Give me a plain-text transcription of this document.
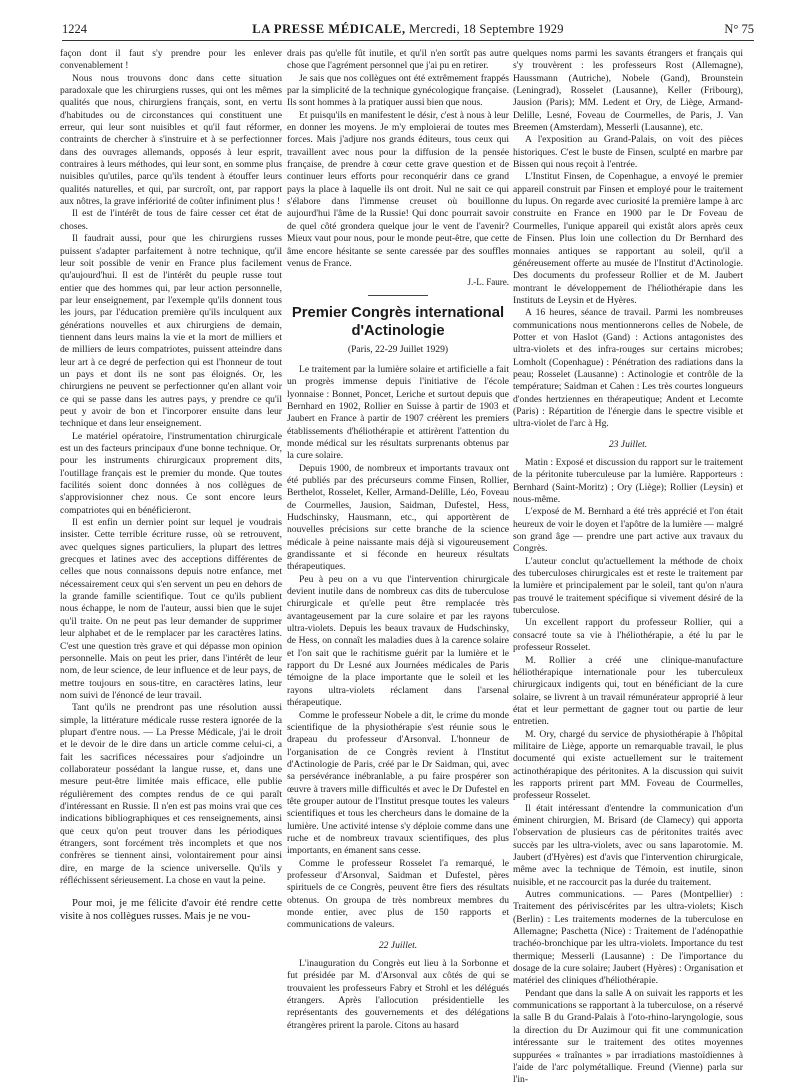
1224	LA PRESSE MÉDICALE, Mercredi, 18 Septembre 1929	N° 75

façon dont il faut s'y prendre pour les enlever convenablement !

Nous nous trouvons donc dans cette situation paradoxale que les chirurgiens russes, qui ont les mêmes qualités que nous, chirurgiens français, sont, en vertu d'habitudes ou de circonstances qui constituent une erreur, qui leur sont nuisibles et qu'il faut réformer, contraints de chercher à s'instruire et à se perfectionner dans des ouvrages allemands, opposés à leur esprit, contraires à leurs méthodes, qui leur sont, en somme plus nuisibles qu'utiles, parce qu'ils tendent à étouffer leurs qualités naturelles, et qui, par surcroît, ont, par rapport aux nôtres, la grave infériorité de coûter infiniment plus !

Il est de l'intérêt de tous de faire cesser cet état de choses.

Il faudrait aussi, pour que les chirurgiens russes puissent s'adapter parfaitement à notre technique, qu'il leur soit possible de venir en France plus facilement qu'aujourd'hui. Il est de l'intérêt du peuple russe tout entier que des hommes qui, par leur action personnelle, par leur enseignement, par l'exemple qu'ils donnent tous les jours, par l'éducation première qu'ils inculquent aux générations nouvelles et aux chirurgiens de demain, tiennent dans leurs mains la vie et la mort de milliers et de milliers de leurs compatriotes, puissent atteindre dans leur art à ce degré de perfection qui est l'honneur de tout un pays et dont ils ne sont pas éloignés. Or, les chirurgiens ne peuvent se perfectionner qu'en allant voir ce qui se passe dans les autres pays, y prendre ce qu'il peut y avoir de bon et l'incorporer ensuite dans leur technique et dans leur enseignement.

Le matériel opératoire, l'instrumentation chirurgicale est un des facteurs principaux d'une bonne technique. Or, pour les instruments chirurgicaux proprement dits, l'outillage français est le premier du monde. Que toutes facilités soient donc données à nos collègues de s'approvisionner chez nous. Ce sont encore leurs compatriotes qui en bénéficieront.

Il est enfin un dernier point sur lequel je voudrais insister. Cette terrible écriture russe, où se retrouvent, avec quelques signes particuliers, la plupart des lettres grecques et latines avec des acceptions différentes de celles que nous connaissons depuis notre enfance, met nécessairement ceux qui s'en servent un peu en dehors de la grande famille scientifique. Tout ce qu'ils publient nous échappe, le nom de l'auteur, aussi bien que le sujet qu'il traite. On ne peut pas leur demander de supprimer leur alphabet et de le remplacer par les caractères latins. C'est une question très grave et qui dépasse mon opinion personnelle. Mais on peut les prier, dans l'intérêt de leur nom, de leur science, de leur influence et de leur pays, de mettre toujours en sous-titre, en caractères latins, leur nom suivi de l'énoncé de leur travail.

Tant qu'ils ne prendront pas une résolution aussi simple, la littérature médicale russe restera ignorée de la plupart d'entre nous. — La Presse Médicale, j'ai le droit et le devoir de le dire dans un article comme celui-ci, a fait les sacrifices nécessaires pour s'adjoindre un collaborateur possédant la langue russe, et, dans une mesure peut-être limitée mais efficace, elle publie régulièrement des comptes rendus de ce qui paraît d'intéressant en Russie. Il n'en est pas moins vrai que ces indications bibliographiques et ces renseignements, ainsi que ceux qu'on peut trouver dans les périodiques étrangers, sont forcément très incomplets et que nos confrères se tiennent ainsi, volontairement pour ainsi dire, en marge de la science universelle. Qu'ils y réfléchissent sérieusement. La chose en vaut la peine.

Pour moi, je me félicite d'avoir été rendre cette visite à nos collègues russes. Mais je ne vou-

drais pas qu'elle fût inutile, et qu'il n'en sortît pas autre chose que l'agrément personnel que j'ai pu en retirer.

Je sais que nos collègues ont été extrêmement frappés par la simplicité de la technique gynécologique française. Ils sont hommes à la pratiquer aussi bien que nous.

Et puisqu'ils en manifestent le désir, c'est à nous à leur en donner les moyens. Je m'y emploierai de toutes mes forces. Mais j'adjure nos grands éditeurs, tous ceux qui travaillent avec nous pour la diffusion de la pensée française, de prendre à cœur cette grave question et de continuer leurs efforts pour reconquérir dans ce grand pays la place à laquelle ils ont droit. Nul ne sait ce qui s'élabore dans l'immense creuset où bouillonne aujourd'hui l'âme de la Russie! Qui donc pourrait savoir de quel côté grondera quelque jour le vent de l'avenir? Mieux vaut pour nous, pour le monde peut-être, que cette âme encore hésitante se sente caressée par des souffles venus de France.

J.-L. Faure.
Premier Congrès international d'Actinologie
(Paris, 22-29 Juillet 1929)

Le traitement par la lumière solaire et artificielle a fait un progrès immense depuis l'initiative de l'école lyonnaise : Bonnet, Poncet, Leriche et surtout depuis que Bernhard en 1902, Rollier en Suisse à partir de 1903 et Jaubert en France à partir de 1907 créèrent les premiers établissements d'héliothérapie et attirèrent l'attention du monde médical sur les résultats surprenants obtenus par la cure solaire.

Depuis 1900, de nombreux et importants travaux ont été publiés par des précurseurs comme Finsen, Rollier, Berthelot, Rosselet, Keller, Armand-Delille, Léo, Foveau de Courmelles, Jausion, Saidman, Dufestel, Hess, Hudschinsky, Hausmann, etc., qui apportèrent de nouvelles précisions sur cette branche de la science médicale à peine naissante mais déjà si vigoureusement grandissante et si féconde en heureux résultats thérapeutiques.

Peu à peu on a vu que l'intervention chirurgicale devient inutile dans de nombreux cas dits de tuberculose chirurgicale et qu'elle peut être remplacée très avantageusement par la cure solaire et par les rayons ultra-violets. Depuis les beaux travaux de Hudschinsky, de Hess, on connaît les maladies dues à la carence solaire et l'on sait que le rachitisme guérit par la lumière et le rapport du Dr Lesné aux Journées médicales de Paris témoigne de la place importante que le soleil et les rayons ultra-violets réclament dans l'arsenal thérapeutique.

Comme le professeur Nobele a dit, le crime du monde scientifique de la physiothérapie s'est réunie sous le drapeau du professeur d'Arsonval. L'honneur de l'organisation de ce Congrès revient à l'Institut d'Actinologie de Paris, créé par le Dr Saidman, qui, avec sa persévérance inébranlable, a pu faire prospérer son œuvre à travers mille difficultés et avec le Dr Dufestel en tête grouper autour de l'Institut presque toutes les valeurs scientifiques et tous les chercheurs dans le domaine de la lumière. Une activité intense s'y déploie comme dans une ruche et de nombreux travaux scientifiques, des plus importants, en émanent sans cesse.

Comme le professeur Rosselet l'a remarqué, le professeur d'Arsonval, Saidman et Dufestel, pères spirituels de ce Congrès, peuvent être fiers des résultats obtenus. On groupa de très nombreux membres du monde entier, avec plus de 150 rapports et communications de valeurs.

22 Juillet.

L'inauguration du Congrès eut lieu à la Sorbonne et fut présidée par M. d'Arsonval aux côtés de qui se trouvaient les professeurs Fabry et Strohl et les délégués étrangers. Après l'allocution présidentielle les représentants des gouvernements et des délégations étrangères prirent la parole. Citons au hasard

quelques noms parmi les savants étrangers et français qui s'y trouvèrent : les professeurs Rost (Allemagne), Haussmann (Autriche), Nobele (Gand), Brounstein (Leningrad), Rosselet (Lausanne), Keller (Fribourg), Jausion (Paris); MM. Ledent et Ory, de Liège, Armand-Delille, Lesné, Foveau de Courmelles, de Paris, J. Van Breemen (Amsterdam), Messerli (Lausanne), etc.

A l'exposition au Grand-Palais, on voit des pièces historiques. C'est le buste de Finsen, sculpté en marbre par Bissen qui nous reçoit à l'entrée.

L'Institut Finsen, de Copenhague, a envoyé le premier appareil construit par Finsen et employé pour le traitement du lupus. On regarde avec curiosité la première lampe à arc construite en France en 1900 par le Dr Foveau de Courmelles, l'unique appareil qui existât alors après ceux de Finsen. Plus loin une collection du Dr Bernhard des monnaies antiques se rapportant au soleil, qu'il a généreusement offerte au musée de l'Institut d'Actinologie. Des documents du professeur Rollier et de M. Jaubert montrant le développement de l'héliothérapie dans les Instituts de Leysin et de Hyères.

A 16 heures, séance de travail. Parmi les nombreuses communications nous mentionnerons celles de Nobele, de Potter et von Haslot (Gand) : Actions antagonistes des ultra-violets et des infra-rouges sur certains microbes; Lomholt (Copenhague) : Pénétration des radiations dans la peau; Rosselet (Lausanne) : Actinologie et contrôle de la température; Saidman et Cahen : Les très courtes longueurs d'ondes hertziennes en thérapeutique; Andent et Lecomte (Paris) : Répartition de l'énergie dans le spectre visible et ultra-violet de l'arc à Hg.

23 Juillet.

Matin : Exposé et discussion du rapport sur le traitement de la péritonite tuberculeuse par la lumière. Rapporteurs : Bernhard (Saint-Moritz) ; Ory (Liège); Rollier (Leysin) et nous-même.

L'exposé de M. Bernhard a été très apprécié et l'on était heureux de voir le doyen et l'apôtre de la lumière — malgré son grand âge — prendre une part active aux travaux du Congrès.

L'auteur conclut qu'actuellement la méthode de choix des tuberculoses chirurgicales est et reste le traitement par la lumière et principalement par le soleil, tant qu'on n'aura pas trouvé le traitement spécifique si vivement désiré de la tuberculose.

Un excellent rapport du professeur Rollier, qui a consacré toute sa vie à l'héliothérapie, a été lu par le professeur Rosselet.

M. Rollier a créé une clinique-manufacture héliothérapique internationale pour les tuberculeux chirurgicaux indigents qui, tout en bénéficiant de la cure solaire, se livrent à un travail rémunérateur approprié à leur état et leur permettant de gagner tout ou partie de leur entretien.

M. Ory, chargé du service de physiothérapie à l'hôpital militaire de Liège, apporte un remarquable travail, le plus documenté qui existe actuellement sur le traitement actinothérapique des péritonites. A la discussion qui suivit les rapports prirent part MM. Foveau de Courmelles, professeur Rosselet.

Il était intéressant d'entendre la communication d'un éminent chirurgien, M. Brisard (de Clamecy) qui apporta l'observation de plusieurs cas de péritonites traités avec succès par les ultra-violets, avec ou sans laparotomie. M. Jaubert (d'Hyères) est d'avis que l'intervention chirurgicale, même avec la technique de Témoin, est inutile, sinon nuisible, et ne raccourcit pas la durée du traitement.

Autres communications. — Pares (Montpellier) : Traitement des périviscérites par les ultra-violets; Kisch (Berlin) : Les traitements modernes de la tuberculose en Allemagne; Paschetta (Nice) : Traitement de l'adénopathie trachéo-bronchique par les ultra-violets. Importance du test thermique; Messerli (Lausanne) : De l'importance du dosage de la cure solaire; Jaubert (Hyères) : Organisation et matériel des cliniques d'héliothérapie.

Pendant que dans la salle A on suivait les rapports et les communications se rapportant à la tuberculose, on a réservé la salle B du Grand-Palais à l'oto-rhino-laryngologie, sous la direction du Dr Auzimour qui fit une communication intéressante sur le traitement des otites moyennes suppurées « traînantes » par irradiations mastoïdiennes à l'aide de l'arc polymétallique. Freund (Vienne) parla sur l'in-
